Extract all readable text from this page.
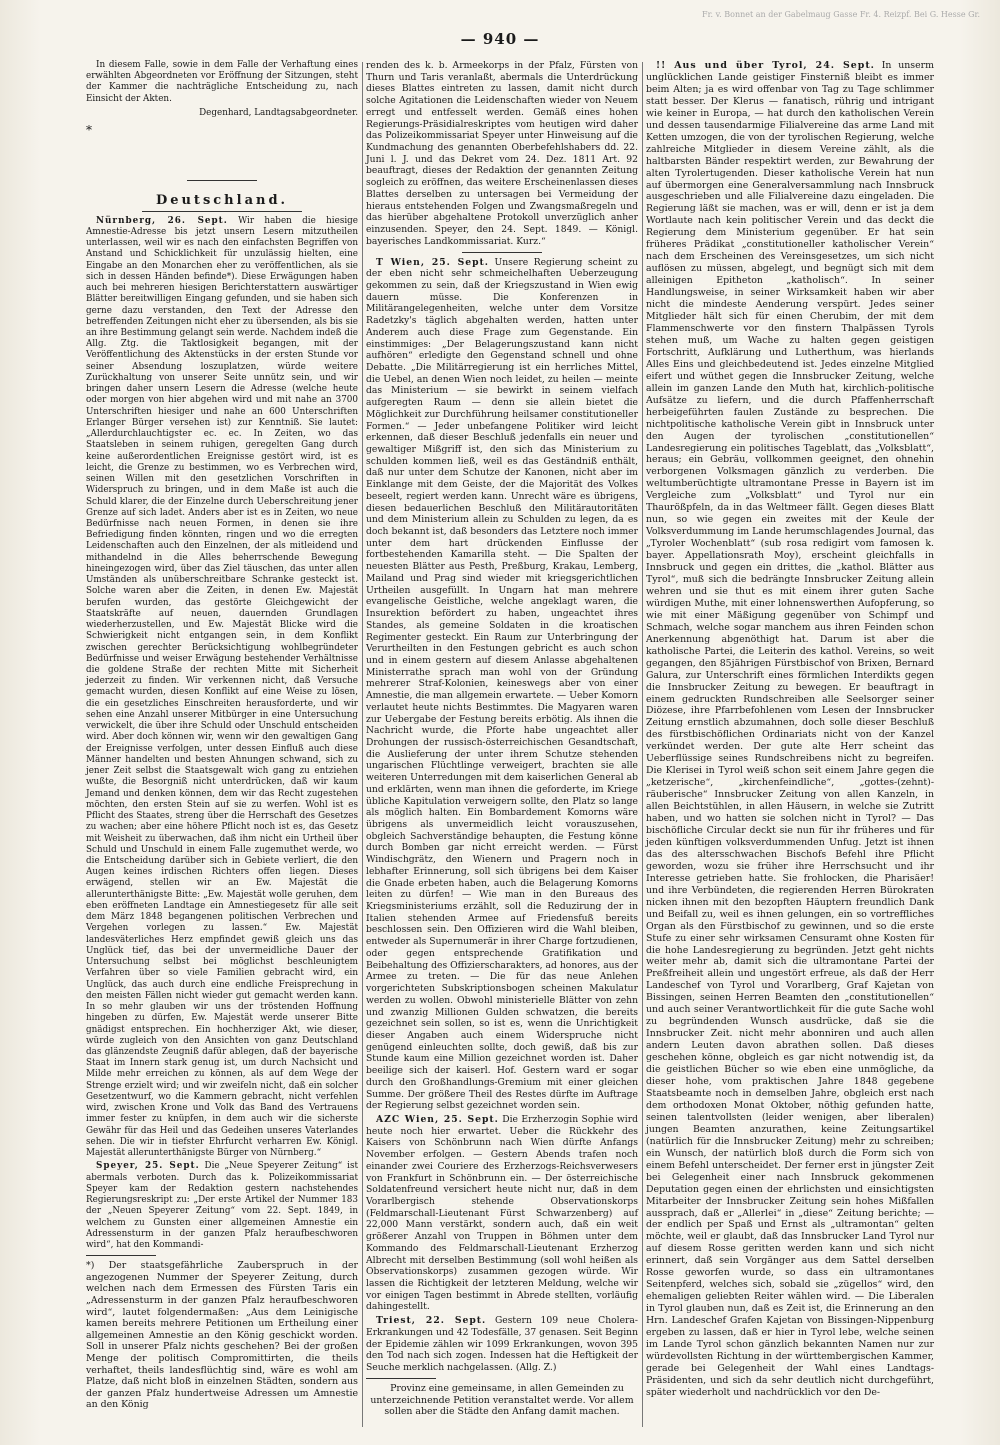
— 940 —
Fr. v. Bonnet an der Gabelmaug Gasse Fr. 4. Reizpf. Bei G. Hesse Gr.

In diesem Falle, sowie in dem Falle der Verhaftung eines erwählten Abgeordneten vor Eröffnung der Sitzungen, steht der Kammer die nachträgliche Entscheidung zu, nach Einsicht der Akten.

Degenhard, Landtagsabgeordneter.
*
Deutschland.

Nürnberg, 26. Sept. Wir haben die hiesige Amnestie-Adresse bis jetzt unsern Lesern mitzutheilen unterlassen, weil wir es nach den einfachsten Begriffen von Anstand und Schicklichkeit für unzulässig hielten, eine Eingabe an den Monarchen eher zu veröffentlichen, als sie sich in dessen Händen befinde*). Diese Erwägungen haben auch bei mehreren hiesigen Berichterstattern auswärtiger Blätter bereitwilligen Eingang gefunden, und sie haben sich gerne dazu verstanden, den Text der Adresse den betreffenden Zeitungen nicht eher zu übersenden, als bis sie an ihre Bestimmung gelangt sein werde. Nachdem indeß die Allg. Ztg. die Taktlosigkeit begangen, mit der Veröffentlichung des Aktenstücks in der ersten Stunde vor seiner Absendung loszuplatzen, würde weitere Zurückhaltung von unserer Seite unnütz sein, und wir bringen daher unsern Lesern die Adresse (welche heute oder morgen von hier abgehen wird und mit nahe an 3700 Unterschriften hiesiger und nahe an 600 Unterschriften Erlanger Bürger versehen ist) zur Kenntniß. Sie lautet: „Allerdurchlauchtigster ec. ec. In Zeiten, wo das Staatsleben in seinem ruhigen, geregelten Gang durch keine außerordentlichen Ereignisse gestört wird, ist es leicht, die Grenze zu bestimmen, wo es Verbrechen wird, seinen Willen mit den gesetzlichen Vorschriften in Widerspruch zu bringen, und in dem Maße ist auch die Schuld klarer, die der Einzelne durch Ueberschreitung jener Grenze auf sich ladet. Anders aber ist es in Zeiten, wo neue Bedürfnisse nach neuen Formen, in denen sie ihre Befriedigung finden könnten, ringen und wo die erregten Leidenschaften auch den Einzelnen, der als mitleidend und mithandelnd in die Alles beherrschende Bewegung hineingezogen wird, über das Ziel täuschen, das unter allen Umständen als unüberschreitbare Schranke gesteckt ist. Solche waren aber die Zeiten, in denen Ew. Majestät berufen wurden, das gestörte Gleichgewicht der Staatskräfte auf neuen, dauernden Grundlagen wiederherzustellen, und Ew. Majestät Blicke wird die Schwierigkeit nicht entgangen sein, in dem Konflikt zwischen gerechter Berücksichtigung wohlbegründeter Bedürfnisse und weiser Erwägung bestehender Verhältnisse die goldene Straße der rechten Mitte mit Sicherheit jederzeit zu finden. Wir verkennen nicht, daß Versuche gemacht wurden, diesen Konflikt auf eine Weise zu lösen, die ein gesetzliches Einschreiten herausforderte, und wir sehen eine Anzahl unserer Mitbürger in eine Untersuchung verwickelt, die über ihre Schuld oder Unschuld entscheiden wird. Aber doch können wir, wenn wir den gewaltigen Gang der Ereignisse verfolgen, unter dessen Einfluß auch diese Männer handelten und besten Ahnungen schwand, sich zu jener Zeit selbst die Staatsgewalt wich gang zu entziehen wußte, die Besorgniß nicht unterdrücken, daß wir kaum Jemand und denken können, dem wir das Recht zugestehen möchten, den ersten Stein auf sie zu werfen. Wohl ist es Pflicht des Staates, streng über die Herrschaft des Gesetzes zu wachen; aber eine höhere Pflicht noch ist es, das Gesetz mit Weisheit zu überwachen, daß ihm nicht ein Urtheil über Schuld und Unschuld in einem Falle zugemuthet werde, wo die Entscheidung darüber sich in Gebiete verliert, die den Augen keines irdischen Richters offen liegen. Dieses erwägend, stellen wir an Ew. Majestät die allerunterthänigste Bitte: „Ew. Majestät wolle geruhen, dem eben eröffneten Landtage ein Amnestiegesetz für alle seit dem März 1848 begangenen politischen Verbrechen und Vergehen vorlegen zu lassen.“ Ew. Majestät landesväterliches Herz empfindet gewiß gleich uns das Unglück tief, das bei der unvermeidliche Dauer der Untersuchung selbst bei möglichst beschleunigtem Verfahren über so viele Familien gebracht wird, ein Unglück, das auch durch eine endliche Freisprechung in den meisten Fällen nicht wieder gut gemacht werden kann. In so mehr glauben wir uns der tröstenden Hoffnung hingeben zu dürfen, Ew. Majestät werde unserer Bitte gnädigst entsprechen. Ein hochherziger Akt, wie dieser, würde zugleich von den Ansichten von ganz Deutschland das glänzendste Zeugniß dafür ablegen, daß der bayerische Staat im Innern stark genug ist, um durch Nachsicht und Milde mehr erreichen zu können, als auf dem Wege der Strenge erzielt wird; und wir zweifeln nicht, daß ein solcher Gesetzentwurf, wo die Kammern gebracht, nicht verfehlen wird, zwischen Krone und Volk das Band des Vertrauens immer fester zu knüpfen, in dem auch wir die sicherste Gewähr für das Heil und das Gedeihen unseres Vaterlandes sehen. Die wir in tiefster Ehrfurcht verharren Ew. Königl. Majestät allerunterthänigste Bürger von Nürnberg.“

Speyer, 25. Sept. Die „Neue Speyerer Zeitung“ ist abermals verboten. Durch das k. Polizeikommissariat Speyer kam der Redaktion gestern nachstehendes Regierungsreskript zu: „Der erste Artikel der Nummer 183 der „Neuen Speyerer Zeitung“ vom 22. Sept. 1849, in welchem zu Gunsten einer allgemeinen Amnestie ein Adressensturm in der ganzen Pfalz heraufbeschworen wird“, hat den Kommandi-

*) Der staatsgefährliche Zauberspruch in der angezogenen Nummer der Speyerer Zeitung, durch welchen nach dem Ermessen des Fürsten Taris ein „Adressensturm in der ganzen Pfalz heraufbeschworen wird“, lautet folgendermaßen: „Aus dem Leinigische kamen bereits mehrere Petitionen um Ertheilung einer allgemeinen Amnestie an den König geschickt worden. Soll in unserer Pfalz nichts geschehen? Bei der großen Menge der politisch Compromittirten, die theils verhaftet, theils landesflüchtig sind, wäre es wohl am Platze, daß nicht bloß in einzelnen Städten, sondern aus der ganzen Pfalz hundertweise Adressen um Amnestie an den König

renden des k. b. Armeekorps in der Pfalz, Fürsten von Thurn und Taris veranlaßt, abermals die Unterdrückung dieses Blattes eintreten zu lassen, damit nicht durch solche Agitationen die Leidenschaften wieder von Neuem erregt und entfesselt werden. Gemäß eines hohen Regierungs-Präsidialreskriptes vom heutigen wird daher das Polizeikommissariat Speyer unter Hinweisung auf die Kundmachung des genannten Oberbefehlshabers dd. 22. Juni l. J. und das Dekret vom 24. Dez. 1811 Art. 92 beauftragt, dieses der Redaktion der genannten Zeitung sogleich zu eröffnen, das weitere Erscheinenlassen dieses Blattes derselben zu untersagen bei Vermeidung der hieraus entstehenden Folgen und Zwangsmaßregeln und das hierüber abgehaltene Protokoll unverzüglich anher einzusenden. Speyer, den 24. Sept. 1849. — Königl. bayerisches Landkommissariat. Kurz.“

T Wien, 25. Sept. Unsere Regierung scheint zu der eben nicht sehr schmeichelhaften Ueberzeugung gekommen zu sein, daß der Kriegszustand in Wien ewig dauern müsse. Die Konferenzen in Militärangelegenheiten, welche unter dem Vorsitze Radetzky's täglich abgehalten werden, hatten unter Anderem auch diese Frage zum Gegenstande. Ein einstimmiges: „Der Belagerungszustand kann nicht aufhören“ erledigte den Gegenstand schnell und ohne Debatte. „Die Militärregierung ist ein herrliches Mittel, die Uebel, an denen Wien noch leidet, zu heilen — meinte das Ministerium — sie bewirkt in seinem vielfach aufgeregten Raum — denn sie allein bietet die Möglichkeit zur Durchführung heilsamer constitutioneller Formen.“ — Jeder unbefangene Politiker wird leicht erkennen, daß dieser Beschluß jedenfalls ein neuer und gewaltiger Mißgriff ist, den sich das Ministerium zu schulden kommen ließ, weil es das Geständniß enthält, daß nur unter dem Schutze der Kanonen, nicht aber im Einklange mit dem Geiste, der die Majorität des Volkes beseelt, regiert werden kann. Unrecht wäre es übrigens, diesen bedauerlichen Beschluß den Militärautoritäten und dem Ministerium allein zu Schulden zu legen, da es doch bekannt ist, daß besonders das Letztere noch immer unter dem hart drückenden Einflusse der fortbestehenden Kamarilla steht. — Die Spalten der neuesten Blätter aus Pesth, Preßburg, Krakau, Lemberg, Mailand und Prag sind wieder mit kriegsgerichtlichen Urtheilen ausgefüllt. In Ungarn hat man mehrere evangelische Geistliche, welche angeklagt waren, die Insurektion befördert zu haben, ungeachtet ihres Standes, als gemeine Soldaten in die kroatischen Regimenter gesteckt. Ein Raum zur Unterbringung der Verurtheilten in den Festungen gebricht es auch schon und in einem gestern auf diesem Anlasse abgehaltenen Ministerrathe sprach man wohl von der Gründung mehrerer Straf-Kolonien, keineswegs aber von einer Amnestie, die man allgemein erwartete. — Ueber Komorn verlautet heute nichts Bestimmtes. Die Magyaren waren zur Uebergabe der Festung bereits erbötig. Als ihnen die Nachricht wurde, die Pforte habe ungeachtet aller Drohungen der russisch-österreichischen Gesandtschaft, die Auslieferung der unter ihrem Schutze stehenden ungarischen Flüchtlinge verweigert, brachten sie alle weiteren Unterredungen mit dem kaiserlichen General ab und erklärten, wenn man ihnen die geforderte, im Kriege übliche Kapitulation verweigern sollte, den Platz so lange als möglich halten. Ein Bombardement Komorns wäre übrigens als unvermeidlich leicht vorauszusehen, obgleich Sachverständige behaupten, die Festung könne durch Bomben gar nicht erreicht werden. — Fürst Windischgrätz, den Wienern und Pragern noch in lebhafter Erinnerung, soll sich übrigens bei dem Kaiser die Gnade erbeten haben, auch die Belagerung Komorns leiten zu dürfen! — Wie man in den Bureaus des Kriegsministeriums erzählt, soll die Reduzirung der in Italien stehenden Armee auf Friedensfuß bereits beschlossen sein. Den Offizieren wird die Wahl bleiben, entweder als Supernumerär in ihrer Charge fortzudienen, oder gegen entsprechende Gratifikation und Beibehaltung des Offizierscharakters, ad honores, aus der Armee zu treten. — Die für das neue Anlehen vorgerichteten Subskriptionsbogen scheinen Makulatur werden zu wollen. Obwohl ministerielle Blätter von zehn und zwanzig Millionen Gulden schwatzen, die bereits gezeichnet sein sollen, so ist es, wenn die Unrichtigkeit dieser Angaben auch einem Widerspruche nicht genügend einleuchten sollte, doch gewiß, daß bis zur Stunde kaum eine Million gezeichnet worden ist. Daher beeilige sich der kaiserl. Hof. Gestern ward er sogar durch den Großhandlungs-Gremium mit einer gleichen Summe. Der größere Theil des Restes dürfte im Auftrage der Regierung selbst gezeichnet worden sein.

AZC Wien, 25. Sept. Die Erzherzogin Sophie wird heute noch hier erwartet. Ueber die Rückkehr des Kaisers von Schönbrunn nach Wien dürfte Anfangs November erfolgen. — Gestern Abends trafen noch einander zwei Couriere des Erzherzogs-Reichsverwesers von Frankfurt in Schönbrunn ein. — Der österreichische Soldatenfreund versichert heute nicht nur, daß in dem Vorarlbergisch stehende Observationskorps (Feldmarschall-Lieutenant Fürst Schwarzenberg) auf 22,000 Mann verstärkt, sondern auch, daß ein weit größerer Anzahl von Truppen in Böhmen unter dem Kommando des Feldmarschall-Lieutenant Erzherzog Albrecht mit derselben Bestimmung (soll wohl heißen als Observationskorps) zusammen gezogen würde. Wir lassen die Richtigkeit der letzteren Meldung, welche wir vor einigen Tagen bestimmt in Abrede stellten, vorläufig dahingestellt.

Triest, 22. Sept. Gestern 109 neue Cholera-Erkrankungen und 42 Todesfälle, 37 genasen. Seit Beginn der Epidemie zählen wir 1099 Erkrankungen, wovon 395 den Tod nach sich zogen. Indessen hat die Heftigkeit der Seuche merklich nachgelassen. (Allg. Z.)

Provinz eine gemeinsame, in allen Gemeinden zu unterzeichnende Petition veranstaltet werde. Vor allem sollen aber die Städte den Anfang damit machen.

!! Aus und über Tyrol, 24. Sept. In unserm unglücklichen Lande geistiger Finsterniß bleibt es immer beim Alten; ja es wird offenbar von Tag zu Tage schlimmer statt besser. Der Klerus — fanatisch, rührig und intrigant wie keiner in Europa, — hat durch den katholischen Verein und dessen tausendarmige Filialvereine das arme Land mit Ketten umzogen, die von der tyrolischen Regierung, welche zahlreiche Mitglieder in diesem Vereine zählt, als die haltbarsten Bänder respektirt werden, zur Bewahrung der alten Tyrolertugenden. Dieser katholische Verein hat nun auf übermorgen eine Generalversammlung nach Innsbruck ausgeschrieben und alle Filialvereine dazu eingeladen. Die Regierung läßt sie machen, was er will, denn er ist ja dem Wortlaute nach kein politischer Verein und das deckt die Regierung dem Ministerium gegenüber. Er hat sein früheres Prädikat „constitutioneller katholischer Verein“ nach dem Erscheinen des Vereinsgesetzes, um sich nicht auflösen zu müssen, abgelegt, und begnügt sich mit dem alleinigen Epitheton „katholisch“. In seiner Handlungsweise, in seiner Wirksamkeit haben wir aber nicht die mindeste Aenderung verspürt. Jedes seiner Mitglieder hält sich für einen Cherubim, der mit dem Flammenschwerte vor den finstern Thalpässen Tyrols stehen muß, um Wache zu halten gegen geistigen Fortschritt, Aufklärung und Lutherthum, was hierlands Alles Eins und gleichbedeutend ist. Jedes einzelne Mitglied eifert und wüthet gegen die Innsbrucker Zeitung, welche allein im ganzen Lande den Muth hat, kirchlich-politische Aufsätze zu liefern, und die durch Pfaffenherrschaft herbeigeführten faulen Zustände zu besprechen. Die nichtpolitische katholische Verein gibt in Innsbruck unter den Augen der tyrolischen „constitutionellen“ Landesregierung ein politisches Tageblatt, das „Volksblatt“, heraus; ein Gebräu, vollkommen geeignet, den ohnehin verborgenen Volksmagen gänzlich zu verderben. Die weltumberüchtigte ultramontane Presse in Bayern ist im Vergleiche zum „Volksblatt“ und Tyrol nur ein Thaurößpfeln, da in das Weltmeer fällt. Gegen dieses Blatt nun, so wie gegen ein zweites mit der Keule der Volksverdummung im Lande herumschlagendes Journal, das „Tyroler Wochenblatt“ (sub rosa redigirt vom famosen k. bayer. Appellationsrath Moy), erscheint gleichfalls in Innsbruck und gegen ein drittes, die „kathol. Blätter aus Tyrol“, muß sich die bedrängte Innsbrucker Zeitung allein wehren und sie thut es mit einem ihrer guten Sache würdigen Muthe, mit einer lohnenswerthen Aufopferung, so wie mit einer Mäßigung gegenüber von Schimpf und Schmach, welche sogar manchem aus ihren Feinden schon Anerkennung abgenöthigt hat. Darum ist aber die katholische Partei, die Leiterin des kathol. Vereins, so weit gegangen, den 85jährigen Fürstbischof von Brixen, Bernard Galura, zur Unterschrift eines förmlichen Interdikts gegen die Innsbrucker Zeitung zu bewegen. Er beauftragt in einem gedruckten Rundschreiben alle Seelsorger seiner Diözese, ihre Pfarrbefohlenen vom Lesen der Innsbrucker Zeitung ernstlich abzumahnen, doch solle dieser Beschluß des fürstbischöflichen Ordinariats nicht von der Kanzel verkündet werden. Der gute alte Herr scheint das Ueberflüssige seines Rundschreibens nicht zu begreifen. Die Klerisei in Tyrol weiß schon seit einem Jahre gegen die „ketzerische“, „kirchenfeindliche“, „gottes-(zehnt)-räuberische“ Innsbrucker Zeitung von allen Kanzeln, in allen Beichtstühlen, in allen Häusern, in welche sie Zutritt haben, und wo hatten sie solchen nicht in Tyrol? — Das bischöfliche Circular deckt sie nun für ihr früheres und für jeden künftigen volksverdummenden Unfug. Jetzt ist ihnen das des altersschwachen Bischofs Befehl ihre Pflicht geworden, wozu sie früher ihre Herrschsucht und ihr Interesse getrieben hatte. Sie frohlocken, die Pharisäer! und ihre Verbündeten, die regierenden Herren Bürokraten nicken ihnen mit den bezopften Häuptern freundlich Dank und Beifall zu, weil es ihnen gelungen, ein so vortreffliches Organ als den Fürstbischof zu gewinnen, und so die erste Stufe zu einer sehr wirksamen Censuramt ohne Kosten für die hohe Landesregierung zu begründen. Jetzt geht nichts weiter mehr ab, damit sich die ultramontane Partei der Preßfreiheit allein und ungestört erfreue, als daß der Herr Landeschef von Tyrol und Vorarlberg, Graf Kajetan von Bissingen, seinen Herren Beamten den „constitutionellen“ und auch seiner Verantwortlichkeit für die gute Sache wohl zu begründenden Wunsch ausdrücke, daß sie die Innsbrucker Zeit. nicht mehr abonniren und auch allen andern Leuten davon abrathen sollen. Daß dieses geschehen könne, obgleich es gar nicht notwendig ist, da die geistlichen Bücher so wie eben eine unmögliche, da dieser hohe, vom praktischen Jahre 1848 gegebene Staatsbeamte noch in demselben Jahre, obgleich erst nach dem orthodoxen Monat Oktober, nöthig gefunden hatte, seinen talentvollsten (leider wenigen, aber liberalen) jungen Beamten anzurathen, keine Zeitungsartikel (natürlich für die Innsbrucker Zeitung) mehr zu schreiben; ein Wunsch, der natürlich bloß durch die Form sich von einem Befehl unterscheidet. Der ferner erst in jüngster Zeit bei Gelegenheit einer nach Innsbruck gekommenen Deputation gegen einen der ehrlichsten und einsichtigsten Mitarbeiter der Innsbrucker Zeitung sein hohes Mißfallen aussprach, daß er „Allerlei“ in „diese“ Zeitung berichte; — der endlich per Spaß und Ernst als „ultramontan“ gelten möchte, weil er glaubt, daß das Innsbrucker Land Tyrol nur auf diesem Rosse geritten werden kann und sich nicht erinnert, daß sein Vorgänger aus dem Sattel derselben Rosse geworfen wurde, so dass ein ultramontanes Seitenpferd, welches sich, sobald sie „zügellos“ wird, den ehemaligen geliebten Reiter wählen wird. — Die Liberalen in Tyrol glauben nun, daß es Zeit ist, die Erinnerung an den Hrn. Landeschef Grafen Kajetan von Bissingen-Nippenburg ergeben zu lassen, daß er hier in Tyrol lebe, welche seinen im Lande Tyrol schon gänzlich bekannten Namen nur zur würdevollsten Richtung in der württembergischen Kammer, gerade bei Gelegenheit der Wahl eines Landtags-Präsidenten, und sich da sehr deutlich nicht durchgeführt, später wiederholt und nachdrücklich vor den De-
